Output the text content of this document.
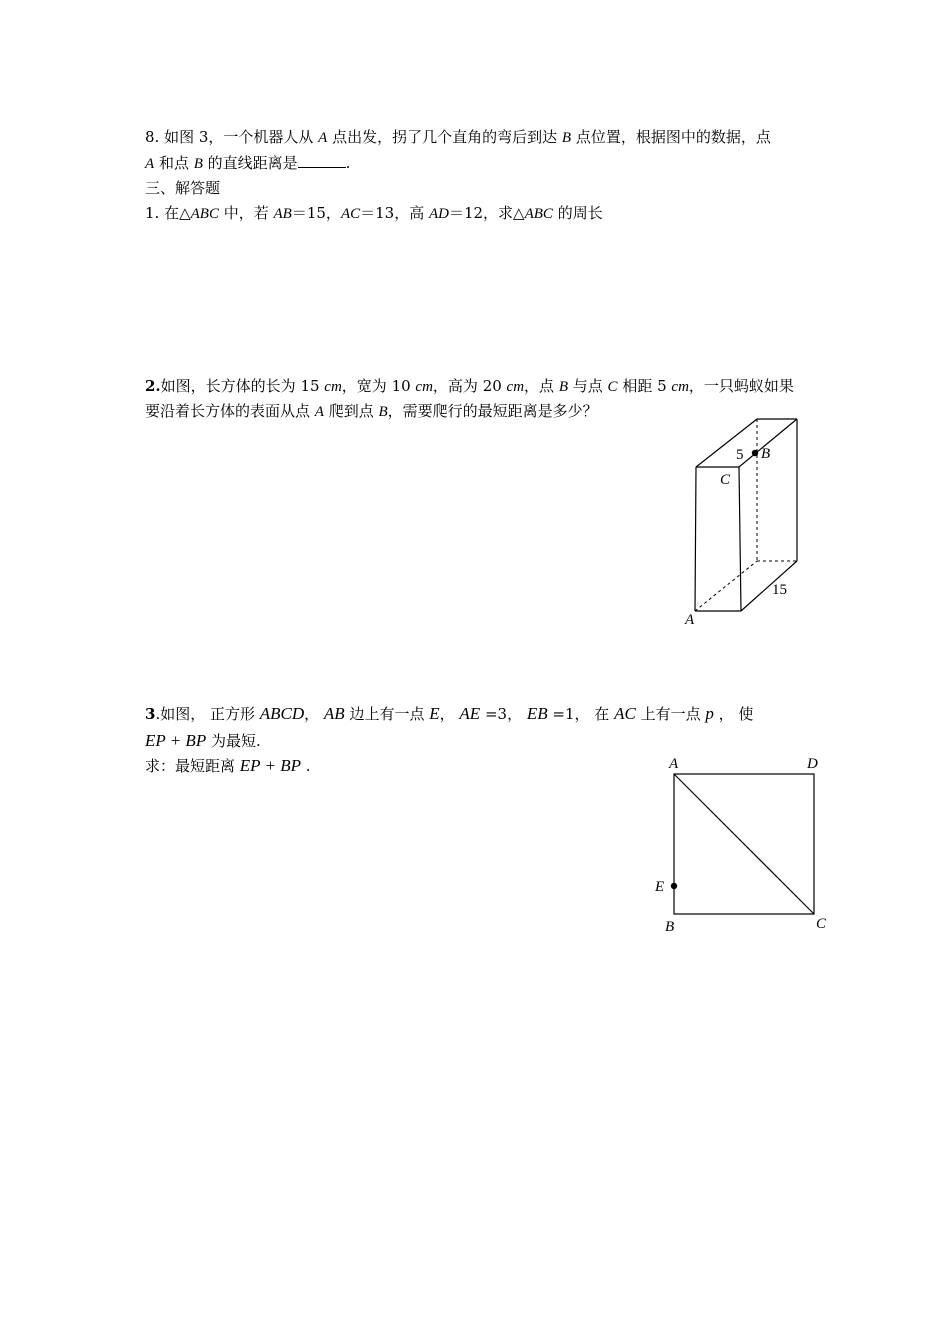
8. 如图 3，一个机器人从 A 点出发，拐了几个直角的弯后到达 B 点位置，根据图中的数据，点
A 和点 B 的直线距离是	.
三、解答题
1. 在△ABC 中，若 AB＝15，AC＝13，高 AD＝12，求△ABC 的周长
2.如图，长方体的长为 15 cm，宽为 10 cm，高为 20 cm，点 B 与点 C 相距 5 cm，一只蚂蚁如果
要沿着长方体的表面从点 A 爬到点 B，需要爬行的最短距离是多少？
5 B
C
15
A
3.如图， 正方形 ABCD， AB 边上有一点 E， AE =3， EB =1， 在 AC 上有一点 p ， 使
EP + BP 为最短.
求：最短距离 EP + BP .	A	D
E
B	C
